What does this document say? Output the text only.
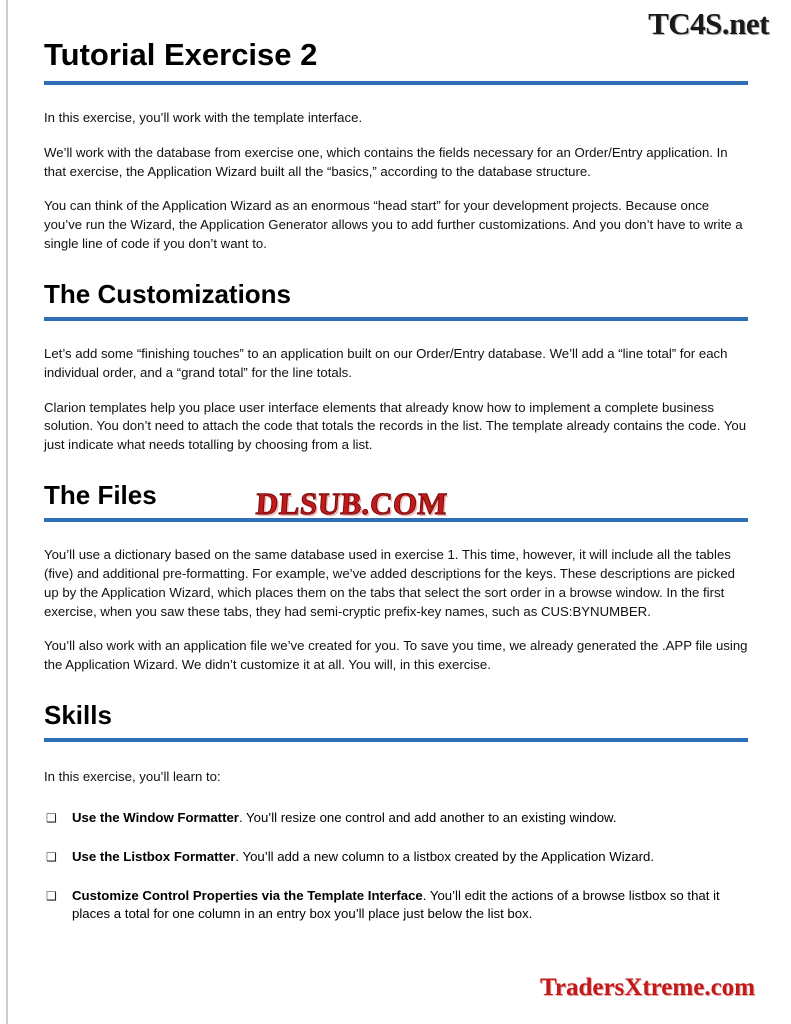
TC4S.net
Tutorial Exercise 2

In this exercise, you’ll work with the template interface.

We’ll work with the database from exercise one, which contains the fields necessary for an Order/Entry application. In that exercise, the Application Wizard built all the “basics,” according to the database structure.

You can think of the Application Wizard as an enormous “head start” for your development projects. Because once you’ve run the Wizard, the Application Generator allows you to add further customizations. And you don’t have to write a single line of code if you don’t want to.

The Customizations

Let’s add some “finishing touches” to an application built on our Order/Entry database. We’ll add a “line total” for each individual order, and a “grand total” for the line totals.

Clarion templates help you place user interface elements that already know how to implement a complete business solution. You don’t need to attach the code that totals the records in the list. The template already contains the code. You just indicate what needs totalling by choosing from a list.

The Files

You’ll use a dictionary based on the same database used in exercise 1. This time, however, it will include all the tables (five) and additional pre-formatting. For example, we’ve added descriptions for the keys. These descriptions are picked up by the Application Wizard, which places them on the tabs that select the sort order in a browse window. In the first exercise, when you saw these tabs, they had semi-cryptic prefix-key names, such as CUS:BYNUMBER.

You’ll also work with an application file we’ve created for you. To save you time, we already generated the .APP file using the Application Wizard. We didn’t customize it at all. You will, in this exercise.

Skills

In this exercise, you’ll learn to:

❑ Use the Window Formatter. You’ll resize one control and add another to an existing window.
❑ Use the Listbox Formatter. You’ll add a new column to a listbox created by the Application Wizard.
❑ Customize Control Properties via the Template Interface. You’ll edit the actions of a browse listbox so that it places a total for one column in an entry box you’ll place just below the list box.
DLSUB.COM
TradersXtreme.com
